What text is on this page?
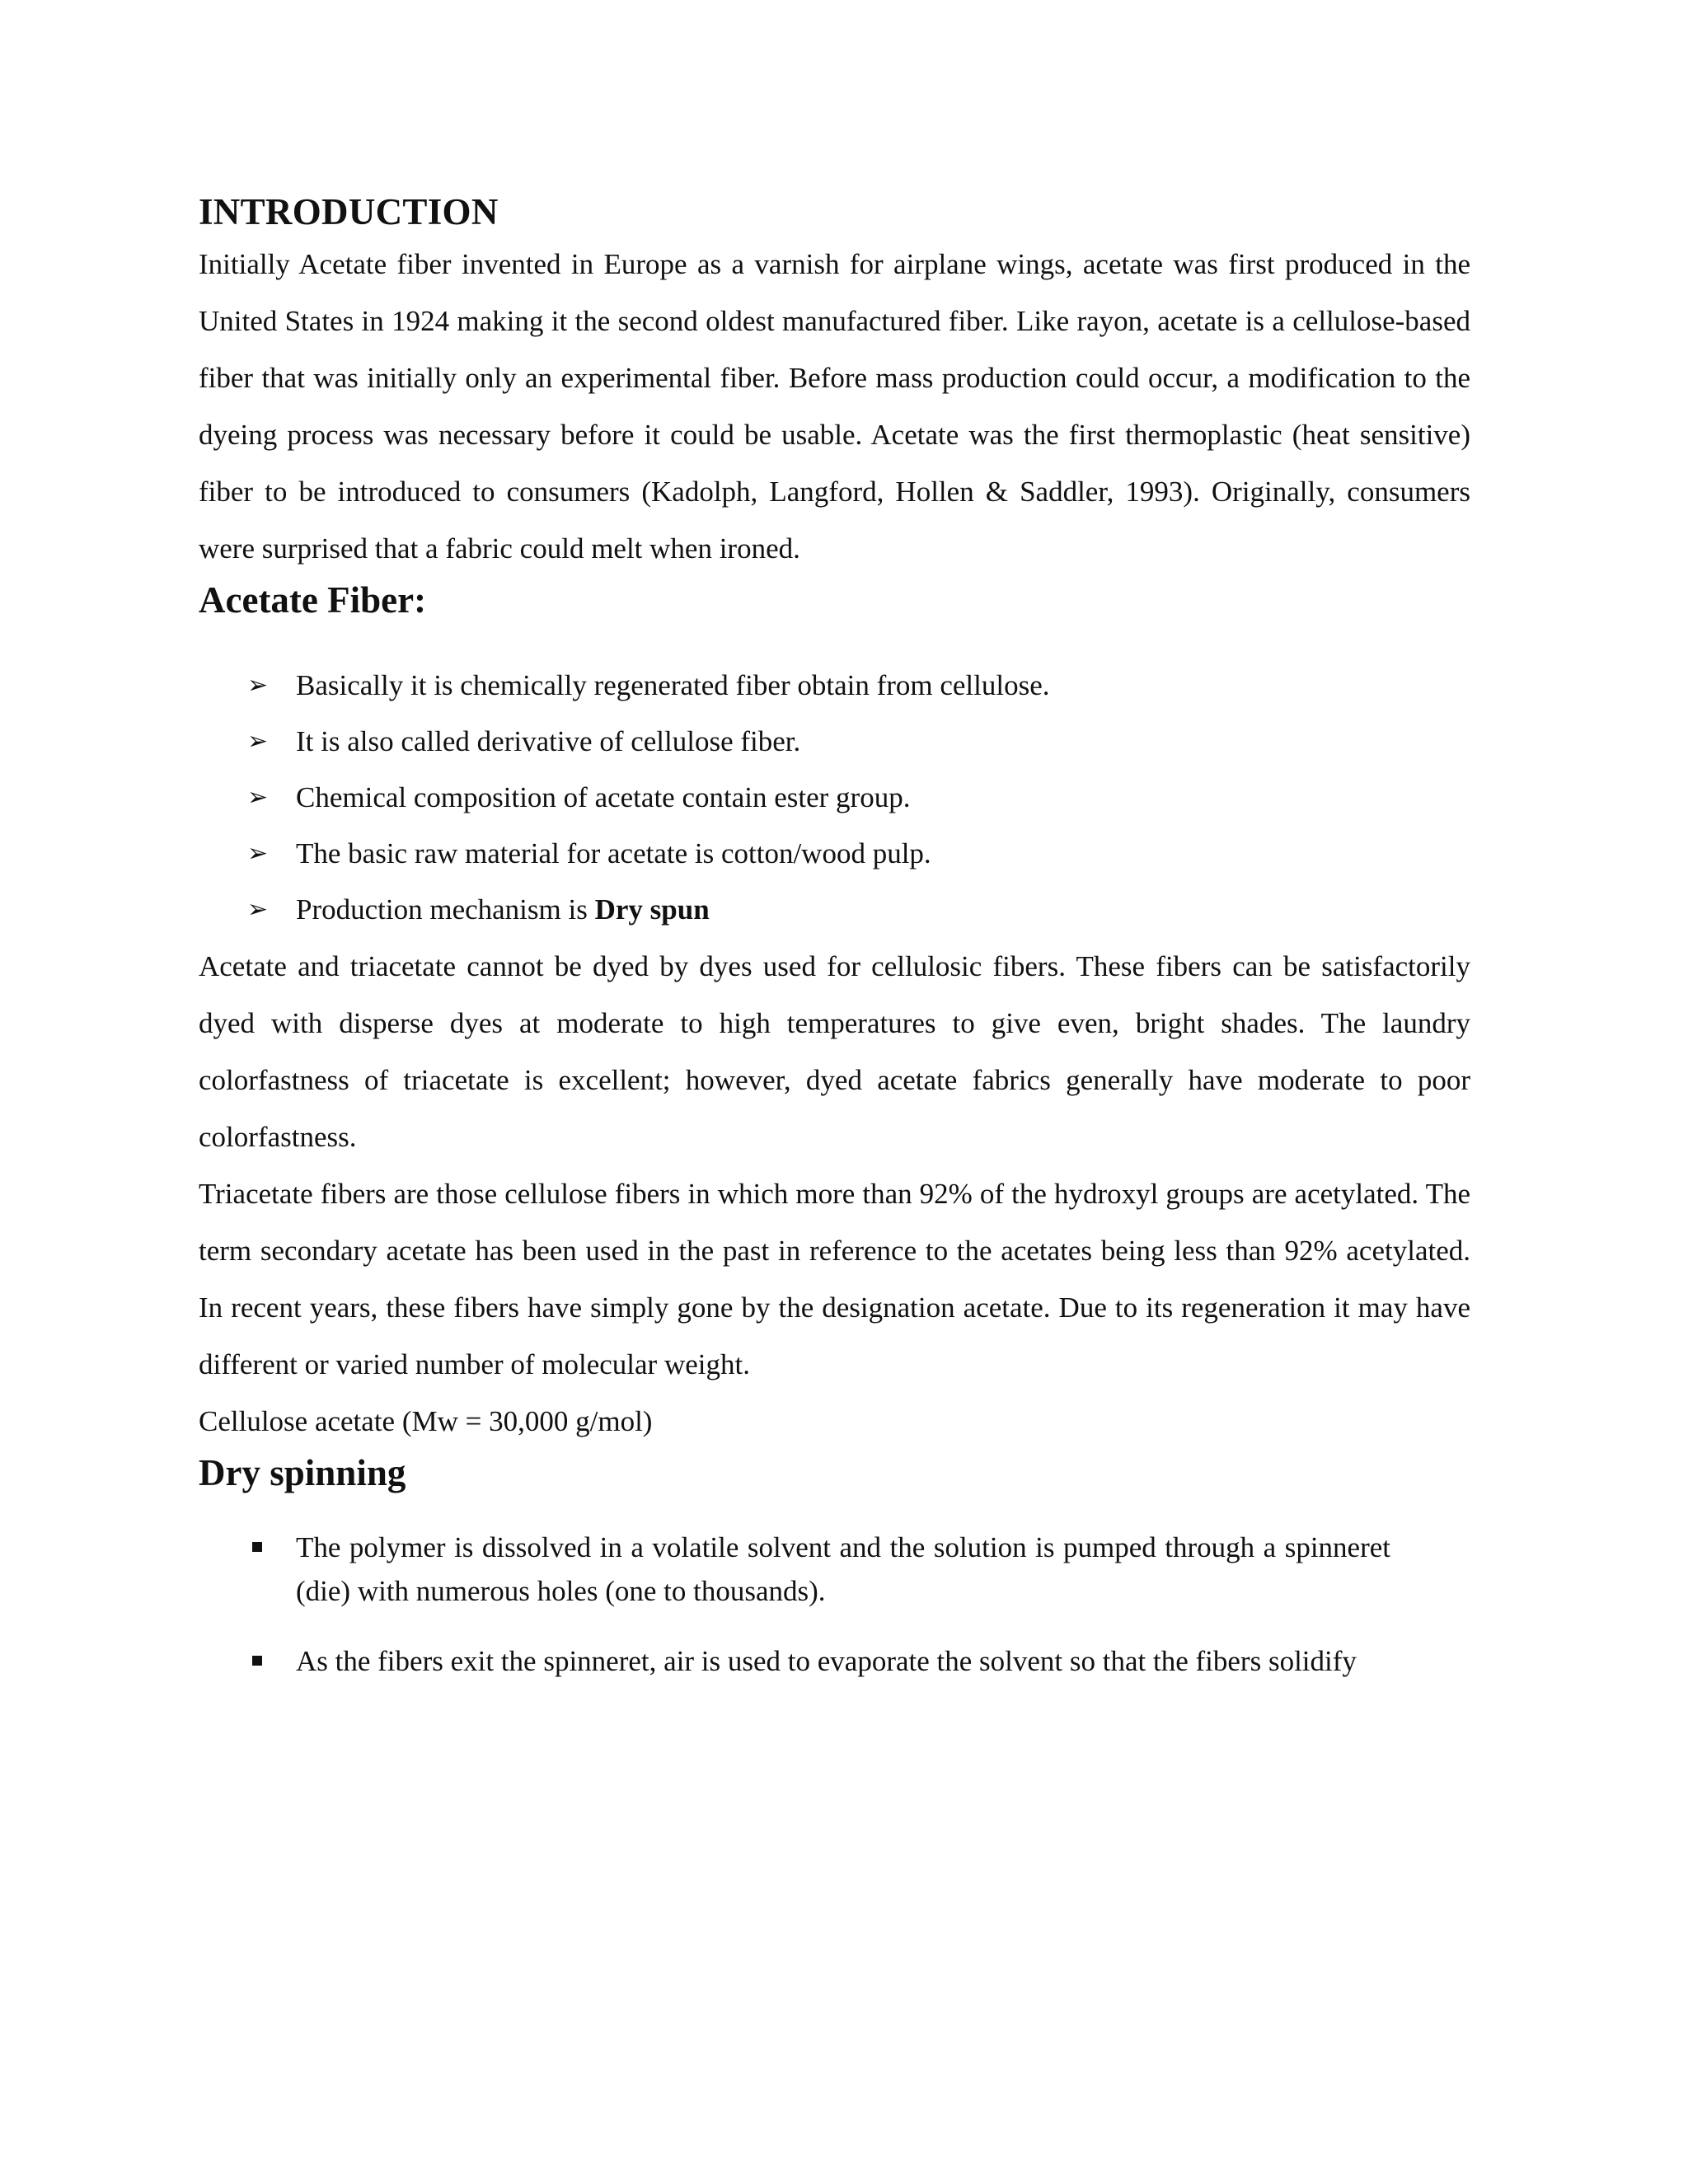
INTRODUCTION

Initially Acetate fiber invented in Europe as a varnish for airplane wings, acetate was first produced in the United States in 1924 making it the second oldest manufactured fiber. Like rayon, acetate is a cellulose-based fiber that was initially only an experimental fiber. Before mass production could occur, a modification to the dyeing process was necessary before it could be usable. Acetate was the first thermoplastic (heat sensitive) fiber to be introduced to consumers (Kadolph, Langford, Hollen & Saddler, 1993). Originally, consumers were surprised that a fabric could melt when ironed.

Acetate Fiber:
➢ Basically it is chemically regenerated fiber obtain from cellulose.
➢ It is also called derivative of cellulose fiber.
➢ Chemical composition of acetate contain ester group.
➢ The basic raw material for acetate is cotton/wood pulp.
➢ Production mechanism is Dry spun

Acetate and triacetate cannot be dyed by dyes used for cellulosic fibers. These fibers can be satisfactorily dyed with disperse dyes at moderate to high temperatures to give even, bright shades. The laundry colorfastness of triacetate is excellent; however, dyed acetate fabrics generally have moderate to poor colorfastness.

Triacetate fibers are those cellulose fibers in which more than 92% of the hydroxyl groups are acetylated. The term secondary acetate has been used in the past in reference to the acetates being less than 92% acetylated. In recent years, these fibers have simply gone by the designation acetate. Due to its regeneration it may have different or varied number of molecular weight.

Cellulose acetate (Mw = 30,000 g/mol)

Dry spinning
The polymer is dissolved in a volatile solvent and the solution is pumped through a spinneret (die) with numerous holes (one to thousands).
As the fibers exit the spinneret, air is used to evaporate the solvent so that the fibers solidify
